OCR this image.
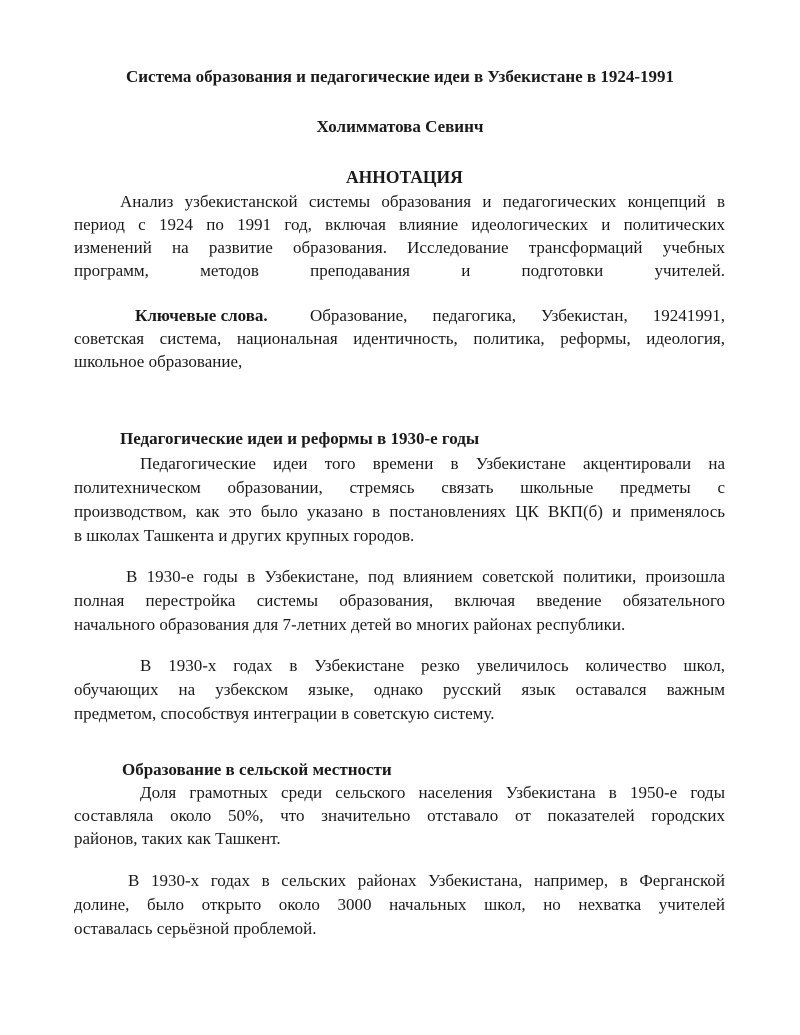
Система образования и педагогические идеи в Узбекистане в 1924-1991

Холимматова Севинч

АННОТАЦИЯ

Анализ узбекистанской системы образования и педагогических концепций в

период с 1924 по 1991 год, включая влияние идеологических и политических

изменений на развитие образования. Исследование трансформаций учебных

программ, методов преподавания и подготовки учителей.

Ключевые слова. Образование, педагогика, Узбекистан, 19241991,

советская система, национальная идентичность, политика, реформы, идеология,

школьное образование,

Педагогические идеи и реформы в 1930-е годы

Педагогические идеи того времени в Узбекистане акцентировали на

политехническом образовании, стремясь связать школьные предметы с

производством, как это было указано в постановлениях ЦК ВКП(б) и применялось

в школах Ташкента и других крупных городов.

В 1930-е годы в Узбекистане, под влиянием советской политики, произошла

полная перестройка системы образования, включая введение обязательного

начального образования для 7-летних детей во многих районах республики.

В 1930-х годах в Узбекистане резко увеличилось количество школ,

обучающих на узбекском языке, однако русский язык оставался важным

предметом, способствуя интеграции в советскую систему.

Образование в сельской местности

Доля грамотных среди сельского населения Узбекистана в 1950-е годы

составляла около 50%, что значительно отставало от показателей городских

районов, таких как Ташкент.

В 1930-х годах в сельских районах Узбекистана, например, в Ферганской

долине, было открыто около 3000 начальных школ, но нехватка учителей

оставалась серьёзной проблемой.
